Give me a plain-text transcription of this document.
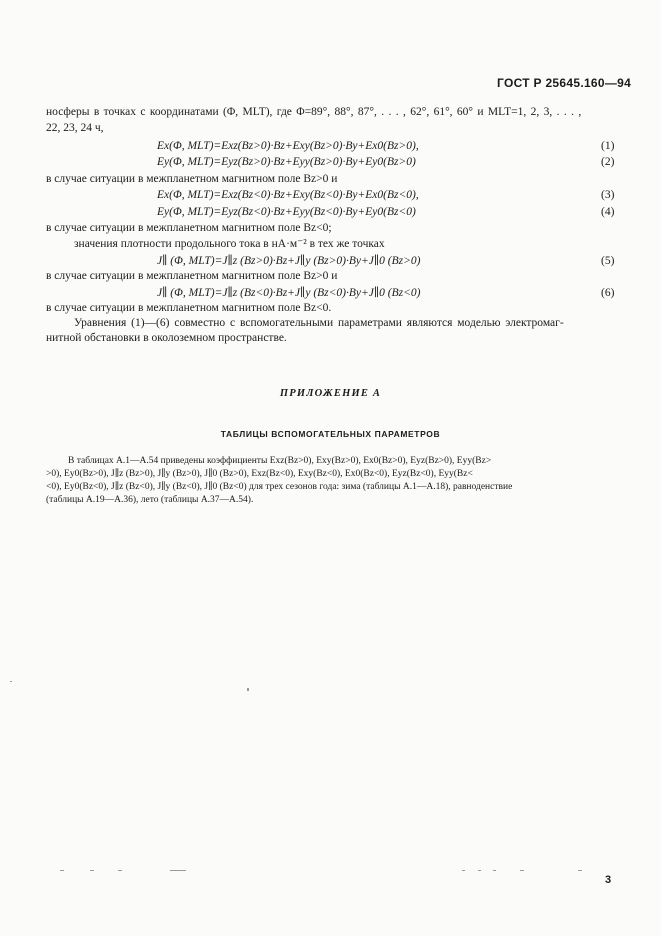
ГОСТ Р 25645.160—94
носферы в точках с координатами (Φ, MLT), где Φ=89°, 88°, 87°, . . . , 62°, 61°, 60° и MLT=1, 2, 3, . . . ,
22, 23, 24 ч,
Ex(Φ, MLT)=Exz(Bz>0)·Bz+Exy(Bz>0)·By+Ex0(Bz>0),	(1)
Ey(Φ, MLT)=Eyz(Bz>0)·Bz+Eyy(Bz>0)·By+Ey0(Bz>0)	(2)
в случае ситуации в межпланетном магнитном поле Bz>0 и
Ex(Φ, MLT)=Exz(Bz<0)·Bz+Exy(Bz<0)·By+Ex0(Bz<0),	(3)
Ey(Φ, MLT)=Eyz(Bz<0)·Bz+Eyy(Bz<0)·By+Ey0(Bz<0)	(4)
в случае ситуации в межпланетном магнитном поле Bz<0;
значения плотности продольного тока в нА·м⁻² в тех же точках
J∥ (Φ, MLT)=J∥z (Bz>0)·Bz+J∥y (Bz>0)·By+J∥0 (Bz>0)	(5)
в случае ситуации в межпланетном магнитном поле Bz>0 и
J∥ (Φ, MLT)=J∥z (Bz<0)·Bz+J∥y (Bz<0)·By+J∥0 (Bz<0)	(6)
в случае ситуации в межпланетном магнитном поле Bz<0.
Уравнения (1)—(6) совместно с вспомогательными параметрами являются моделью электромаг-
нитной обстановки в околоземном пространстве.
ПРИЛОЖЕНИЕ А
ТАБЛИЦЫ ВСПОМОГАТЕЛЬНЫХ ПАРАМЕТРОВ
В таблицах А.1—А.54 приведены коэффициенты Exz(Bz>0), Exy(Bz>0), Ex0(Bz>0), Eyz(Bz>0), Eyy(Bz>
>0), Ey0(Bz>0), J∥z (Bz>0), J∥y (Bz>0), J∥0 (Bz>0), Exz(Bz<0), Exy(Bz<0), Ex0(Bz<0), Eyz(Bz<0), Eyy(Bz<
<0), Ey0(Bz<0), J∥z (Bz<0), J∥y (Bz<0), J∥0 (Bz<0) для трех сезонов года: зима (таблицы А.1—А.18), равноденствие
(таблицы А.19—А.36), лето (таблицы А.37—А.54).
3
